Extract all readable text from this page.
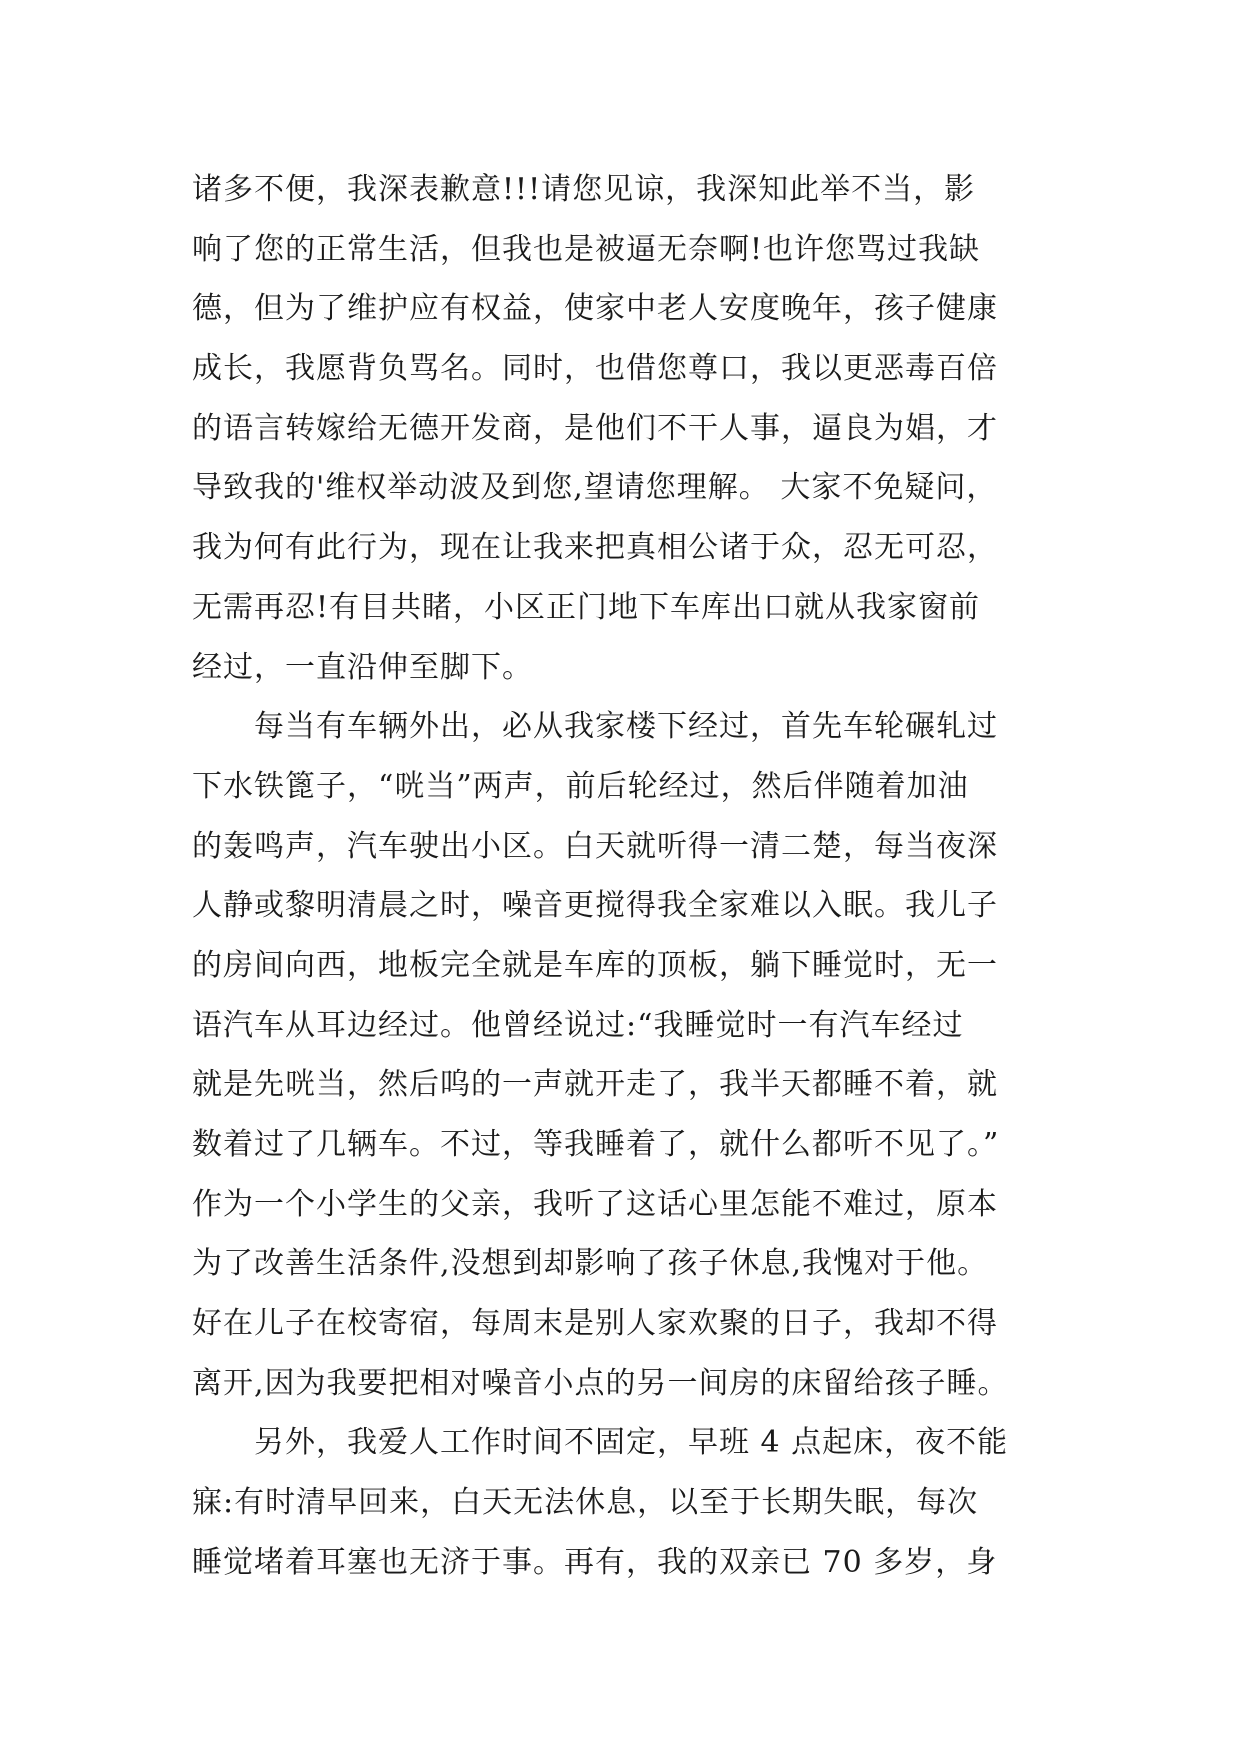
诸多不便，我深表歉意!!!请您见谅，我深知此举不当，影
响了您的正常生活，但我也是被逼无奈啊!也许您骂过我缺
德，但为了维护应有权益，使家中老人安度晚年，孩子健康
成长，我愿背负骂名。同时，也借您尊口，我以更恶毒百倍
的语言转嫁给无德开发商，是他们不干人事，逼良为娼，才
导致我的'维权举动波及到您,望请您理解。 大家不免疑问，
我为何有此行为，现在让我来把真相公诸于众，忍无可忍，
无需再忍!有目共睹，小区正门地下车库出口就从我家窗前
经过，一直沿伸至脚下。
每当有车辆外出，必从我家楼下经过，首先车轮碾轧过
下水铁篦子，“咣当”两声，前后轮经过，然后伴随着加油
的轰鸣声，汽车驶出小区。白天就听得一清二楚，每当夜深
人静或黎明清晨之时，噪音更搅得我全家难以入眠。我儿子
的房间向西，地板完全就是车库的顶板，躺下睡觉时，无一
语汽车从耳边经过。他曾经说过:“我睡觉时一有汽车经过
就是先咣当，然后呜的一声就开走了，我半天都睡不着，就
数着过了几辆车。不过，等我睡着了，就什么都听不见了。”
作为一个小学生的父亲，我听了这话心里怎能不难过，原本
为了改善生活条件,没想到却影响了孩子休息,我愧对于他。
好在儿子在校寄宿，每周末是别人家欢聚的日子，我却不得
离开,因为我要把相对噪音小点的另一间房的床留给孩子睡。
另外，我爱人工作时间不固定，早班 4 点起床，夜不能
寐:有时清早回来，白天无法休息，以至于长期失眠，每次
睡觉堵着耳塞也无济于事。再有，我的双亲已 70 多岁，身
